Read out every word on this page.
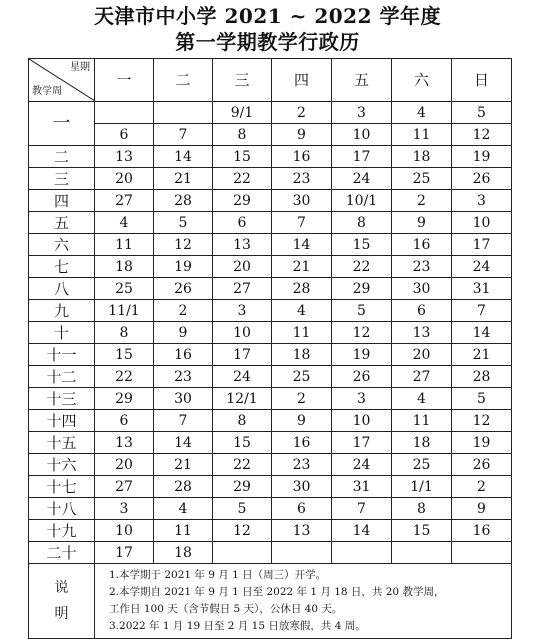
天津市中小学 2021 ~ 2022 学年度
第一学期教学行政历
星期
教学周	一	二	三	四	五	六	日
一			9/1	2	3	4	5
	6	7	8	9	10	11	12
二	13	14	15	16	17	18	19
三	20	21	22	23	24	25	26
四	27	28	29	30	10/1	2	3
五	4	5	6	7	8	9	10
六	11	12	13	14	15	16	17
七	18	19	20	21	22	23	24
八	25	26	27	28	29	30	31
九	11/1	2	3	4	5	6	7
十	8	9	10	11	12	13	14
十一	15	16	17	18	19	20	21
十二	22	23	24	25	26	27	28
十三	29	30	12/1	2	3	4	5
十四	6	7	8	9	10	11	12
十五	13	14	15	16	17	18	19
十六	20	21	22	23	24	25	26
十七	27	28	29	30	31	1/1	2
十八	3	4	5	6	7	8	9
十九	10	11	12	13	14	15	16
二十	17	18					

说
明	1.本学期于 2021 年 9 月 1 日（周三）开学。
2.本学期自 2021 年 9 月 1 日至 2022 年 1 月 18 日，共 20 教学周，
工作日 100 天（含节假日 5 天），公休日 40 天。
3.2022 年 1 月 19 日至 2 月 15 日放寒假，共 4 周。						
